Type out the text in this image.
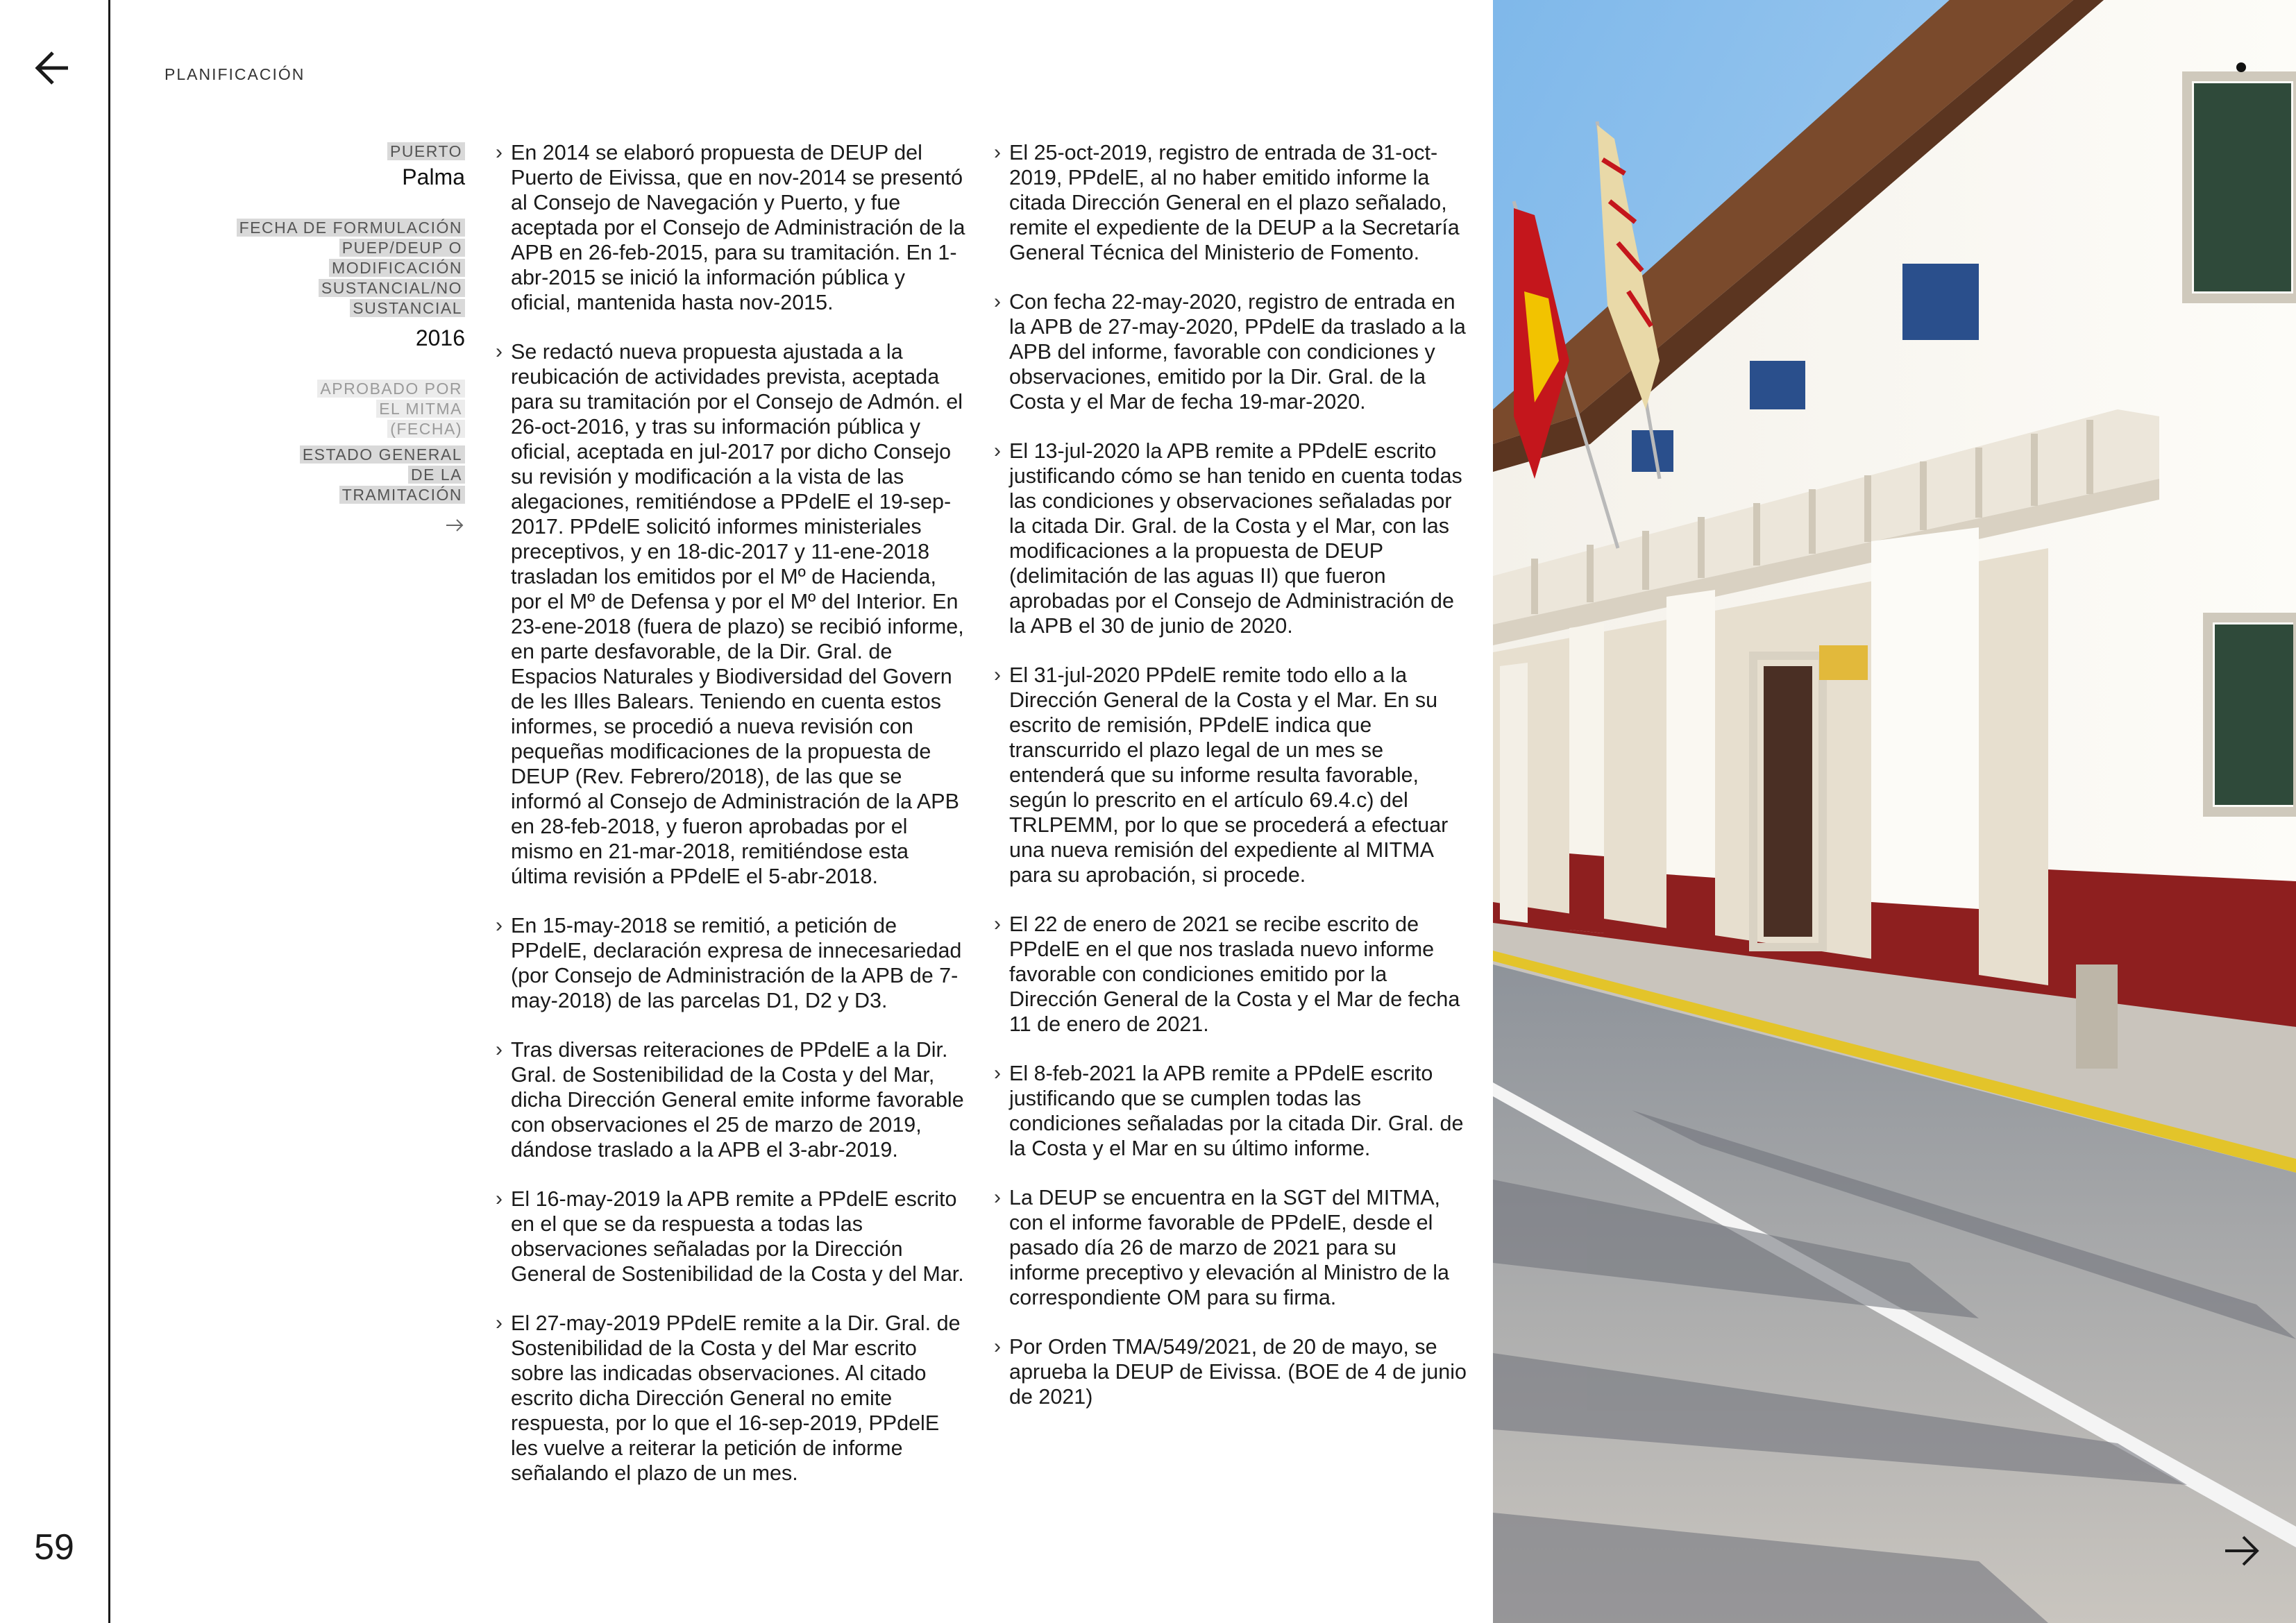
59
PLANIFICACIÓN
PUERTO
Palma
FECHA DE FORMULACIÓN PUEP/DEUP O MODIFICACIÓN SUSTANCIAL/NO SUSTANCIAL
2016
APROBADO POR EL MITMA (FECHA)
ESTADO GENERAL DE LA TRAMITACIÓN
› En 2014 se elaboró propuesta de DEUP del Puerto de Eivissa, que en nov-2014 se presentó al Consejo de Navegación y Puerto, y fue aceptada por el Consejo de Administración de la APB en 26-feb-2015, para su tramitación. En 1-abr-2015 se inició la información pública y oficial, mantenida hasta nov-2015.
› Se redactó nueva propuesta ajustada a la reubicación de actividades prevista, aceptada para su tramitación por el Consejo de Admón. el 26-oct-2016, y tras su información pública y oficial, aceptada en jul-2017 por dicho Consejo su revisión y modificación a la vista de las alegaciones, remitiéndose a PPdelE el 19-sep-2017. PPdelE solicitó informes ministeriales preceptivos, y en 18-dic-2017 y 11-ene-2018 trasladan los emitidos por el Mº de Hacienda, por el Mº de Defensa y por el Mº del Interior. En 23-ene-2018 (fuera de plazo) se recibió informe, en parte desfavorable, de la Dir. Gral. de Espacios Naturales y Biodiversidad del Govern de les Illes Balears. Teniendo en cuenta estos informes, se procedió a nueva revisión con pequeñas modificaciones de la propuesta de DEUP (Rev. Febrero/2018), de las que se informó al Consejo de Administración de la APB en 28-feb-2018, y fueron aprobadas por el mismo en 21-mar-2018, remitiéndose esta última revisión a PPdelE el 5-abr-2018.
› En 15-may-2018 se remitió, a petición de PPdelE, declaración expresa de innecesariedad (por Consejo de Administración de la APB de 7-may-2018) de las parcelas D1, D2 y D3.
› Tras diversas reiteraciones de PPdelE a la Dir. Gral. de Sostenibilidad de la Costa y del Mar, dicha Dirección General emite informe favorable con observaciones el 25 de marzo de 2019, dándose traslado a la APB el 3-abr-2019.
› El 16-may-2019 la APB remite a PPdelE escrito en el que se da respuesta a todas las observaciones señaladas por la Dirección General de Sostenibilidad de la Costa y del Mar.
› El 27-may-2019 PPdelE remite a la Dir. Gral. de Sostenibilidad de la Costa y del Mar escrito sobre las indicadas observaciones. Al citado escrito dicha Dirección General no emite respuesta, por lo que el 16-sep-2019, PPdelE les vuelve a reiterar la petición de informe señalando el plazo de un mes.
› El 25-oct-2019, registro de entrada de 31-oct-2019, PPdelE, al no haber emitido informe la citada Dirección General en el plazo señalado, remite el expediente de la DEUP a la Secretaría General Técnica del Ministerio de Fomento.
› Con fecha 22-may-2020, registro de entrada en la APB de 27-may-2020, PPdelE da traslado a la APB del informe, favorable con condiciones y observaciones, emitido por la Dir. Gral. de la Costa y el Mar de fecha 19-mar-2020.
› El 13-jul-2020 la APB remite a PPdelE escrito justificando cómo se han tenido en cuenta todas las condiciones y observaciones señaladas por la citada Dir. Gral. de la Costa y el Mar, con las modificaciones a la propuesta de DEUP (delimitación de las aguas II) que fueron aprobadas por el Consejo de Administración de la APB el 30 de junio de 2020.
› El 31-jul-2020 PPdelE remite todo ello a la Dirección General de la Costa y el Mar. En su escrito de remisión, PPdelE indica que transcurrido el plazo legal de un mes se entenderá que su informe resulta favorable, según lo prescrito en el artículo 69.4.c) del TRLPEMM, por lo que se procederá a efectuar una nueva remisión del expediente al MITMA para su aprobación, si procede.
› El 22 de enero de 2021 se recibe escrito de PPdelE en el que nos traslada nuevo informe favorable con condiciones emitido por la Dirección General de la Costa y el Mar de fecha 11 de enero de 2021.
› El 8-feb-2021 la APB remite a PPdelE escrito justificando que se cumplen todas las condiciones señaladas por la citada Dir. Gral. de la Costa y el Mar en su último informe.
› La DEUP se encuentra en la SGT del MITMA, con el informe favorable de PPdelE, desde el pasado día 26 de marzo de 2021 para su informe preceptivo y elevación al Ministro de la correspondiente OM para su firma.
› Por Orden TMA/549/2021, de 20 de mayo, se aprueba la DEUP de Eivissa. (BOE de 4 de junio de 2021)
